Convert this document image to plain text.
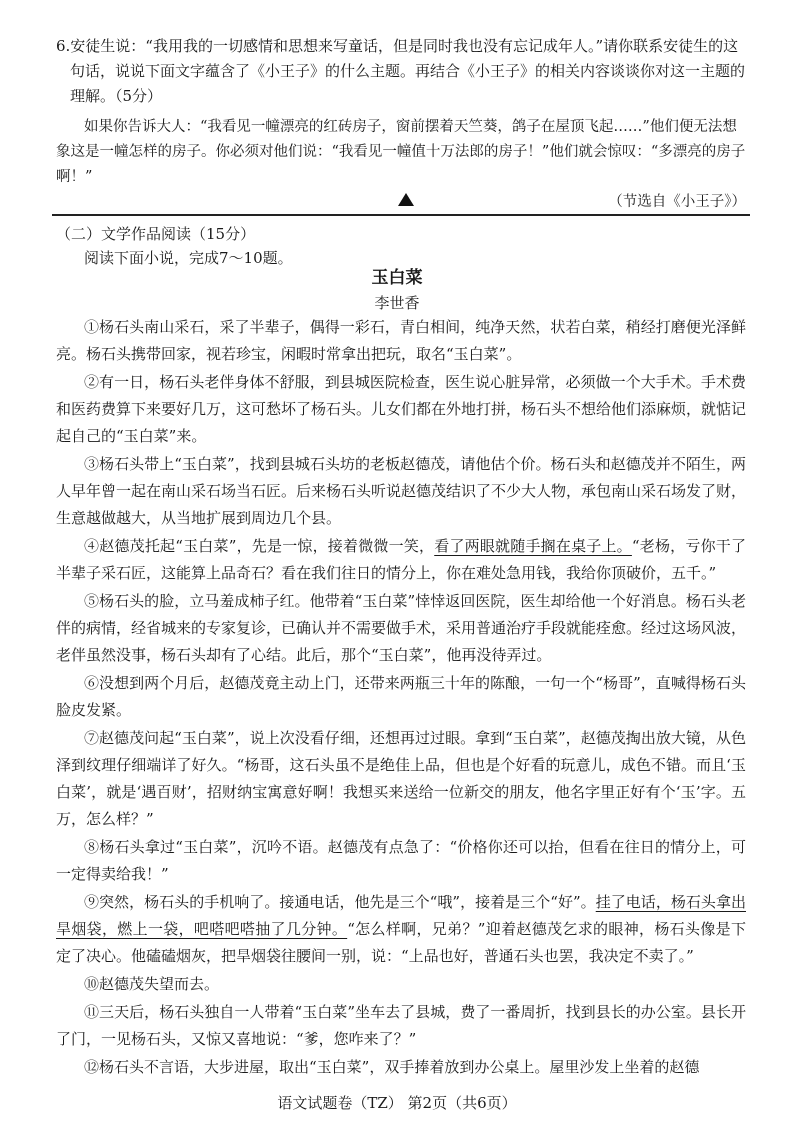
6.安徒生说：“我用我的一切感情和思想来写童话，但是同时我也没有忘记成年人。”请你联系安徒生的这句话，说说下面文字蕴含了《小王子》的什么主题。再结合《小王子》的相关内容谈谈你对这一主题的理解。（5分）

如果你告诉大人：“我看见一幢漂亮的红砖房子，窗前摆着天竺葵，鸽子在屋顶飞起……”他们便无法想象这是一幢怎样的房子。你必须对他们说：“我看见一幢值十万法郎的房子！”他们就会惊叹：“多漂亮的房子啊！”

（节选自《小王子》）

（二）文学作品阅读（15分）
阅读下面小说，完成7～10题。
玉白菜
李世香

①杨石头南山采石，采了半辈子，偶得一彩石，青白相间，纯净天然，状若白菜，稍经打磨便光泽鲜亮。杨石头携带回家，视若珍宝，闲暇时常拿出把玩，取名“玉白菜”。

②有一日，杨石头老伴身体不舒服，到县城医院检查，医生说心脏异常，必须做一个大手术。手术费和医药费算下来要好几万，这可愁坏了杨石头。儿女们都在外地打拼，杨石头不想给他们添麻烦，就惦记起自己的“玉白菜”来。

③杨石头带上“玉白菜”，找到县城石头坊的老板赵德茂，请他估个价。杨石头和赵德茂并不陌生，两人早年曾一起在南山采石场当石匠。后来杨石头听说赵德茂结识了不少大人物，承包南山采石场发了财，生意越做越大，从当地扩展到周边几个县。

④赵德茂托起“玉白菜”，先是一惊，接着微微一笑，看了两眼就随手搁在桌子上。“老杨，亏你干了半辈子采石匠，这能算上品奇石？看在我们往日的情分上，你在难处急用钱，我给你顶破价，五千。”

⑤杨石头的脸，立马羞成柿子红。他带着“玉白菜”悻悻返回医院，医生却给他一个好消息。杨石头老伴的病情，经省城来的专家复诊，已确认并不需要做手术，采用普通治疗手段就能痊愈。经过这场风波，老伴虽然没事，杨石头却有了心结。此后，那个“玉白菜”，他再没待弄过。

⑥没想到两个月后，赵德茂竟主动上门，还带来两瓶三十年的陈酿，一句一个“杨哥”，直喊得杨石头脸皮发紧。

⑦赵德茂问起“玉白菜”，说上次没看仔细，还想再过过眼。拿到“玉白菜”，赵德茂掏出放大镜，从色泽到纹理仔细端详了好久。“杨哥，这石头虽不是绝佳上品，但也是个好看的玩意儿，成色不错。而且‘玉白菜’，就是‘遇百财’，招财纳宝寓意好啊！我想买来送给一位新交的朋友，他名字里正好有个‘玉’字。五万，怎么样？”

⑧杨石头拿过“玉白菜”，沉吟不语。赵德茂有点急了：“价格你还可以抬，但看在往日的情分上，可一定得卖给我！”

⑨突然，杨石头的手机响了。接通电话，他先是三个“哦”，接着是三个“好”。挂了电话，杨石头拿出旱烟袋，燃上一袋，吧嗒吧嗒抽了几分钟。“怎么样啊，兄弟？”迎着赵德茂乞求的眼神，杨石头像是下定了决心。他磕磕烟灰，把旱烟袋往腰间一别，说：“上品也好，普通石头也罢，我决定不卖了。”

⑩赵德茂失望而去。

⑪三天后，杨石头独自一人带着“玉白菜”坐车去了县城，费了一番周折，找到县长的办公室。县长开了门，一见杨石头，又惊又喜地说：“爹，您咋来了？”

⑫杨石头不言语，大步进屋，取出“玉白菜”，双手捧着放到办公桌上。屋里沙发上坐着的赵德

语文试题卷（TZ） 第2页（共6页）
